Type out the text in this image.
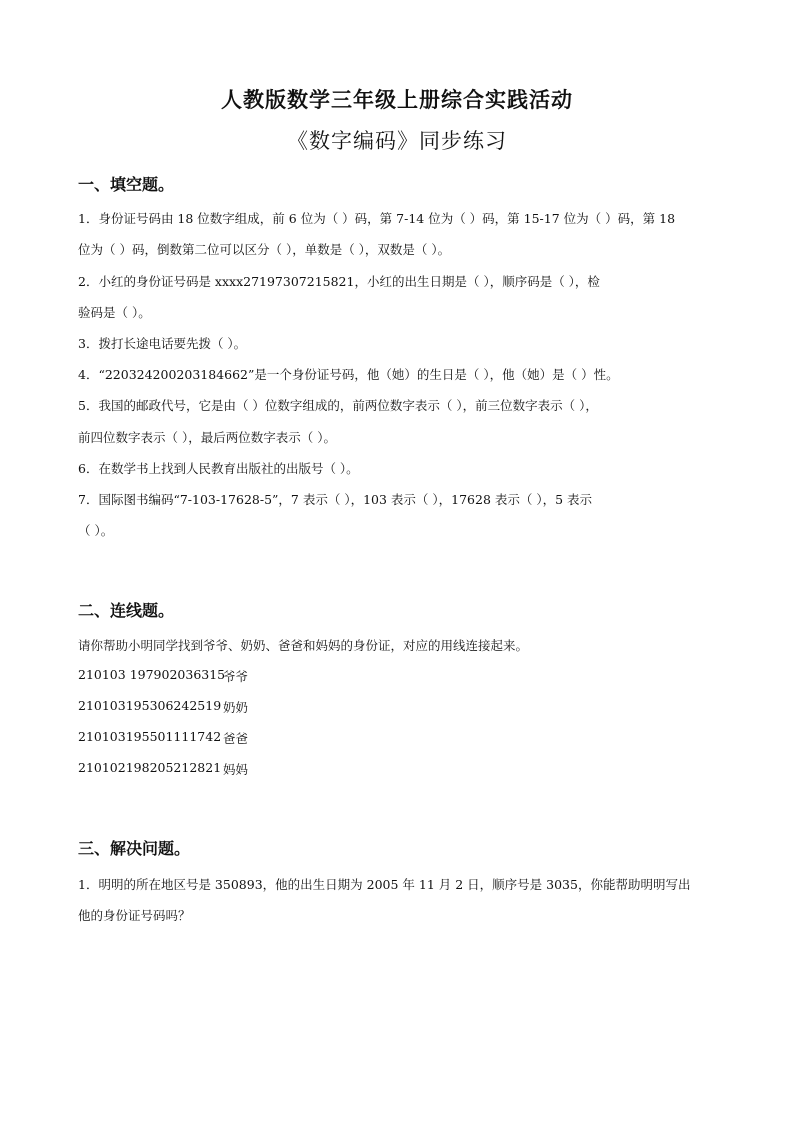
人教版数学三年级上册综合实践活动
《数字编码》同步练习
一、填空题。
1．身份证号码由 18 位数字组成，前 6 位为（ ）码，第 7-14 位为（ ）码，第 15-17 位为（ ）码，第 18
位为（ ）码，倒数第二位可以区分（ ），单数是（ ），双数是（ ）。
2．小红的身份证号码是 xxxx27197307215821，小红的出生日期是（ ），顺序码是（ ），检
验码是（ ）。
3．拨打长途电话要先拨（ ）。
4．“220324200203184662”是一个身份证号码，他（她）的生日是（ ），他（她）是（ ）性。
5．我国的邮政代号，它是由（ ）位数字组成的，前两位数字表示（ ），前三位数字表示（ ），
前四位数字表示（ ），最后两位数字表示（ ）。
6．在数学书上找到人民教育出版社的出版号（ ）。
7．国际图书编码“7-103-17628-5”，7 表示（ ），103 表示（ ），17628 表示（ ），5 表示
（ ）。
二、连线题。
请你帮助小明同学找到爷爷、奶奶、爸爸和妈妈的身份证，对应的用线连接起来。
210103 197902036315
爷爷
210103195306242519 奶奶
210103195501111742 爸爸
210102198205212821 妈妈
三、解决问题。
1．明明的所在地区号是 350893，他的出生日期为 2005 年 11 月 2 日，顺序号是 3035，你能帮助明明写出
他的身份证号码吗？
